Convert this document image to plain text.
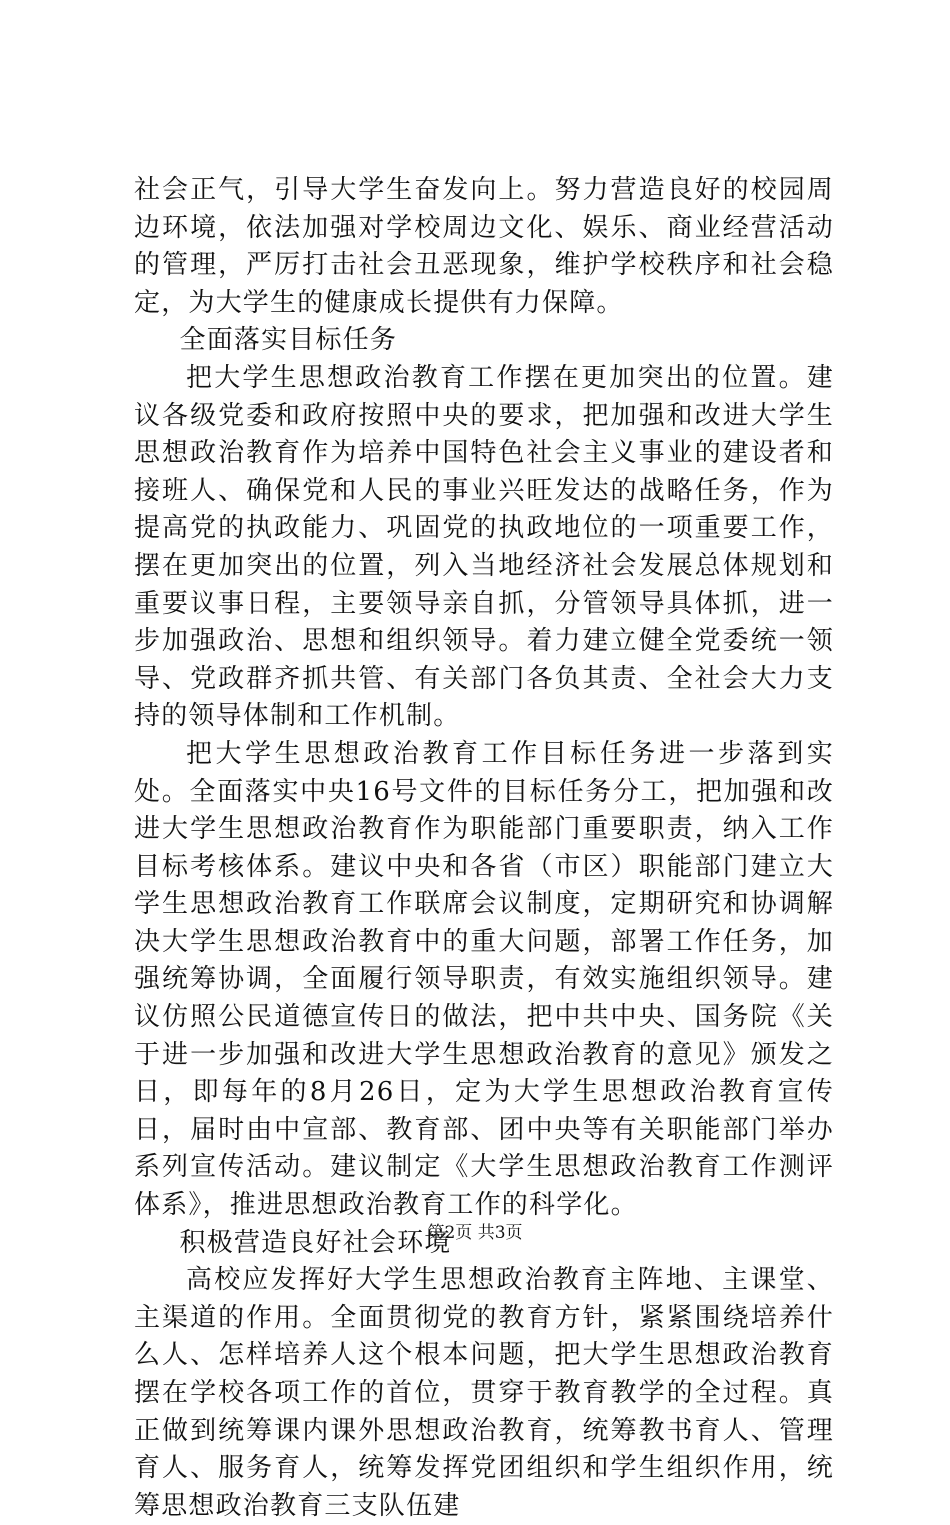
社会正气，引导大学生奋发向上。努力营造良好的校园周边环境，依法加强对学校周边文化、娱乐、商业经营活动的管理，严厉打击社会丑恶现象，维护学校秩序和社会稳定，为大学生的健康成长提供有力保障。

全面落实目标任务

把大学生思想政治教育工作摆在更加突出的位置。建议各级党委和政府按照中央的要求，把加强和改进大学生思想政治教育作为培养中国特色社会主义事业的建设者和接班人、确保党和人民的事业兴旺发达的战略任务，作为提高党的执政能力、巩固党的执政地位的一项重要工作，摆在更加突出的位置，列入当地经济社会发展总体规划和重要议事日程，主要领导亲自抓，分管领导具体抓，进一步加强政治、思想和组织领导。着力建立健全党委统一领导、党政群齐抓共管、有关部门各负其责、全社会大力支持的领导体制和工作机制。

把大学生思想政治教育工作目标任务进一步落到实处。全面落实中央16号文件的目标任务分工，把加强和改进大学生思想政治教育作为职能部门重要职责，纳入工作目标考核体系。建议中央和各省（市区）职能部门建立大学生思想政治教育工作联席会议制度，定期研究和协调解决大学生思想政治教育中的重大问题，部署工作任务，加强统筹协调，全面履行领导职责，有效实施组织领导。建议仿照公民道德宣传日的做法，把中共中央、国务院《关于进一步加强和改进大学生思想政治教育的意见》颁发之日，即每年的8月26日，定为大学生思想政治教育宣传日，届时由中宣部、教育部、团中央等有关职能部门举办系列宣传活动。建议制定《大学生思想政治教育工作测评体系》，推进思想政治教育工作的科学化。

积极营造良好社会环境

高校应发挥好大学生思想政治教育主阵地、主课堂、主渠道的作用。全面贯彻党的教育方针，紧紧围绕培养什么人、怎样培养人这个根本问题，把大学生思想政治教育摆在学校各项工作的首位，贯穿于教育教学的全过程。真正做到统筹课内课外思想政治教育，统筹教书育人、管理育人、服务育人，统筹发挥党团组织和学生组织作用，统筹思想政治教育三支队伍建

第2页 共3页
